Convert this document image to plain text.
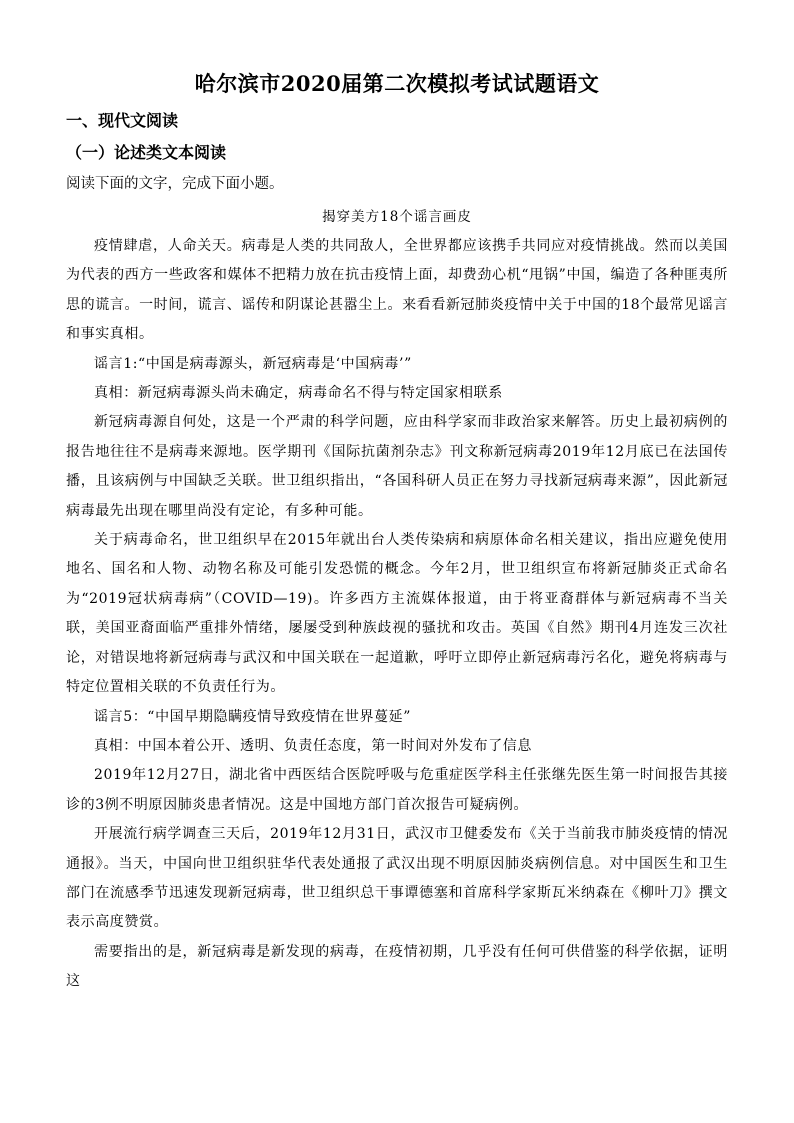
哈尔滨市2020届第二次模拟考试试题语文
一、现代文阅读
（一）论述类文本阅读
阅读下面的文字，完成下面小题。
揭穿美方18个谣言画皮

疫情肆虐，人命关天。病毒是人类的共同敌人，全世界都应该携手共同应对疫情挑战。然而以美国为代表的西方一些政客和媒体不把精力放在抗击疫情上面，却费劲心机“甩锅”中国，编造了各种匪夷所思的谎言。一时间，谎言、谣传和阴谋论甚嚣尘上。来看看新冠肺炎疫情中关于中国的18个最常见谣言和事实真相。

谣言1:“中国是病毒源头，新冠病毒是‘中国病毒’”

真相：新冠病毒源头尚未确定，病毒命名不得与特定国家相联系

新冠病毒源自何处，这是一个严肃的科学问题，应由科学家而非政治家来解答。历史上最初病例的报告地往往不是病毒来源地。医学期刊《国际抗菌剂杂志》刊文称新冠病毒2019年12月底已在法国传播，且该病例与中国缺乏关联。世卫组织指出，“各国科研人员正在努力寻找新冠病毒来源”，因此新冠病毒最先出现在哪里尚没有定论，有多种可能。

关于病毒命名，世卫组织早在2015年就出台人类传染病和病原体命名相关建议，指出应避免使用地名、国名和人物、动物名称及可能引发恐慌的概念。今年2月，世卫组织宣布将新冠肺炎正式命名为“2019冠状病毒病”（COVID—19)。许多西方主流媒体报道，由于将亚裔群体与新冠病毒不当关联，美国亚裔面临严重排外情绪，屡屡受到种族歧视的骚扰和攻击。英国《自然》期刊4月连发三次社论，对错误地将新冠病毒与武汉和中国关联在一起道歉，呼吁立即停止新冠病毒污名化，避免将病毒与特定位置相关联的不负责任行为。

谣言5：“中国早期隐瞒疫情导致疫情在世界蔓延”

真相：中国本着公开、透明、负责任态度，第一时间对外发布了信息

2019年12月27日，湖北省中西医结合医院呼吸与危重症医学科主任张继先医生第一时间报告其接诊的3例不明原因肺炎患者情况。这是中国地方部门首次报告可疑病例。

开展流行病学调查三天后，2019年12月31日，武汉市卫健委发布《关于当前我市肺炎疫情的情况通报》。当天，中国向世卫组织驻华代表处通报了武汉出现不明原因肺炎病例信息。对中国医生和卫生部门在流感季节迅速发现新冠病毒，世卫组织总干事谭德塞和首席科学家斯瓦米纳森在《柳叶刀》撰文表示高度赞赏。

需要指出的是，新冠病毒是新发现的病毒，在疫情初期，几乎没有任何可供借鉴的科学依据，证明这
